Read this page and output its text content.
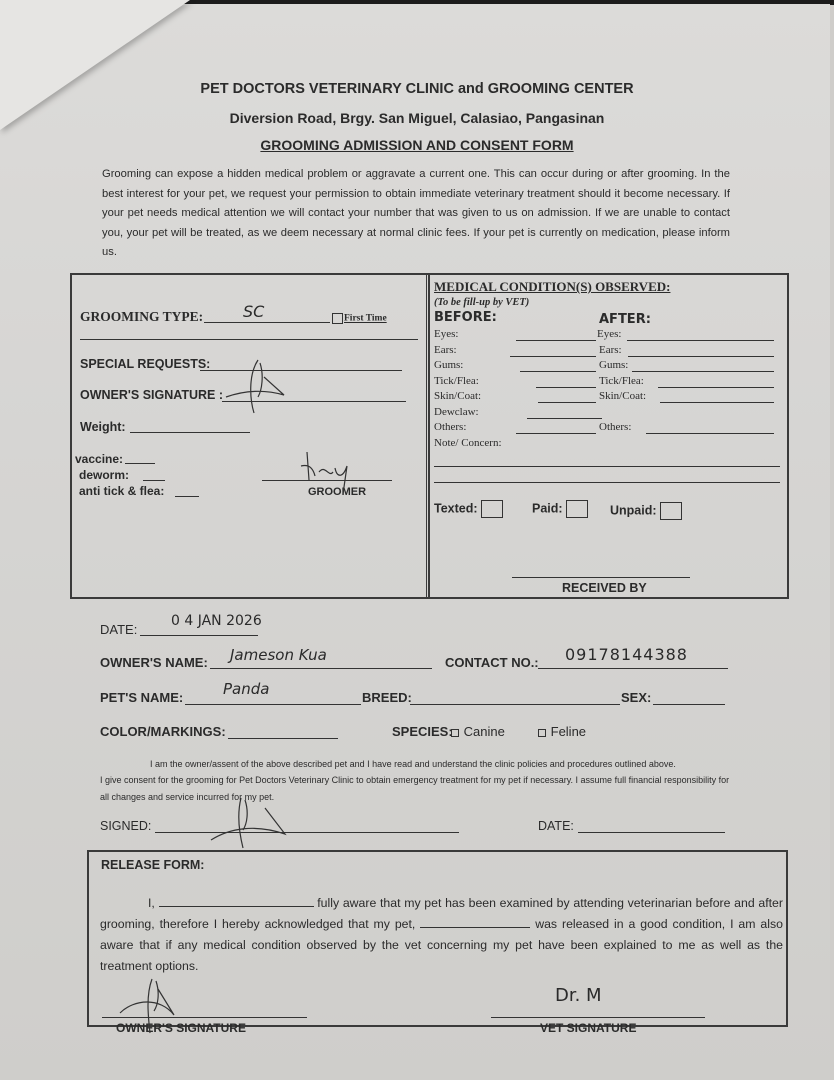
PET DOCTORS VETERINARY CLINIC and GROOMING CENTER
Diversion Road, Brgy. San Miguel, Calasiao, Pangasinan
GROOMING ADMISSION AND CONSENT FORM
Grooming can expose a hidden medical problem or aggravate a current one. This can occur during or after grooming. In the best interest for your pet, we request your permission to obtain immediate veterinary treatment should it become necessary. If your pet needs medical attention we will contact your number that was given to us on admission. If we are unable to contact you, your pet will be treated, as we deem necessary at normal clinic fees. If your pet is currently on medication, please inform us.
GROOMING TYPE: SC	First Time
SPECIAL REQUESTS:
OWNER'S SIGNATURE :
Weight:
vaccine:
deworm:
anti tick & flea:	GROOMER
MEDICAL CONDITION(S) OBSERVED:
(To be fill-up by VET)
BEFORE:	AFTER:
Eyes:	Eyes:
Ears:	Ears:
Gums:	Gums:
Tick/Flea:	Tick/Flea:
Skin/Coat:	Skin/Coat:
Dewclaw:
Others:	Others:
Note/ Concern:
Texted:	Paid:	Unpaid:
RECEIVED BY
DATE:
0 4 JAN 2026
OWNER'S NAME: Jameson Kua	CONTACT NO.: 09178144388
PET'S NAME:	Panda	BREED:	SEX:
COLOR/MARKINGS:	SPECIES: Canine	Feline
I am the owner/assent of the above described pet and I have read and understand the clinic policies and procedures outlined above.
I give consent for the grooming for Pet Doctors Veterinary Clinic to obtain emergency treatment for my pet if necessary. I assume full financial responsibility for all changes and service incurred for my pet.
SIGNED:	DATE:
RELEASE FORM:
I,	fully aware that my pet has been examined by attending veterinarian before and after grooming, therefore I hereby acknowledged that my pet,	was released in a good condition, I am also aware that if any medical condition observed by the vet concerning my pet have been explained to me as well as the treatment options.
OWNER'S SIGNATURE	VET SIGNATURE
Dr. M
